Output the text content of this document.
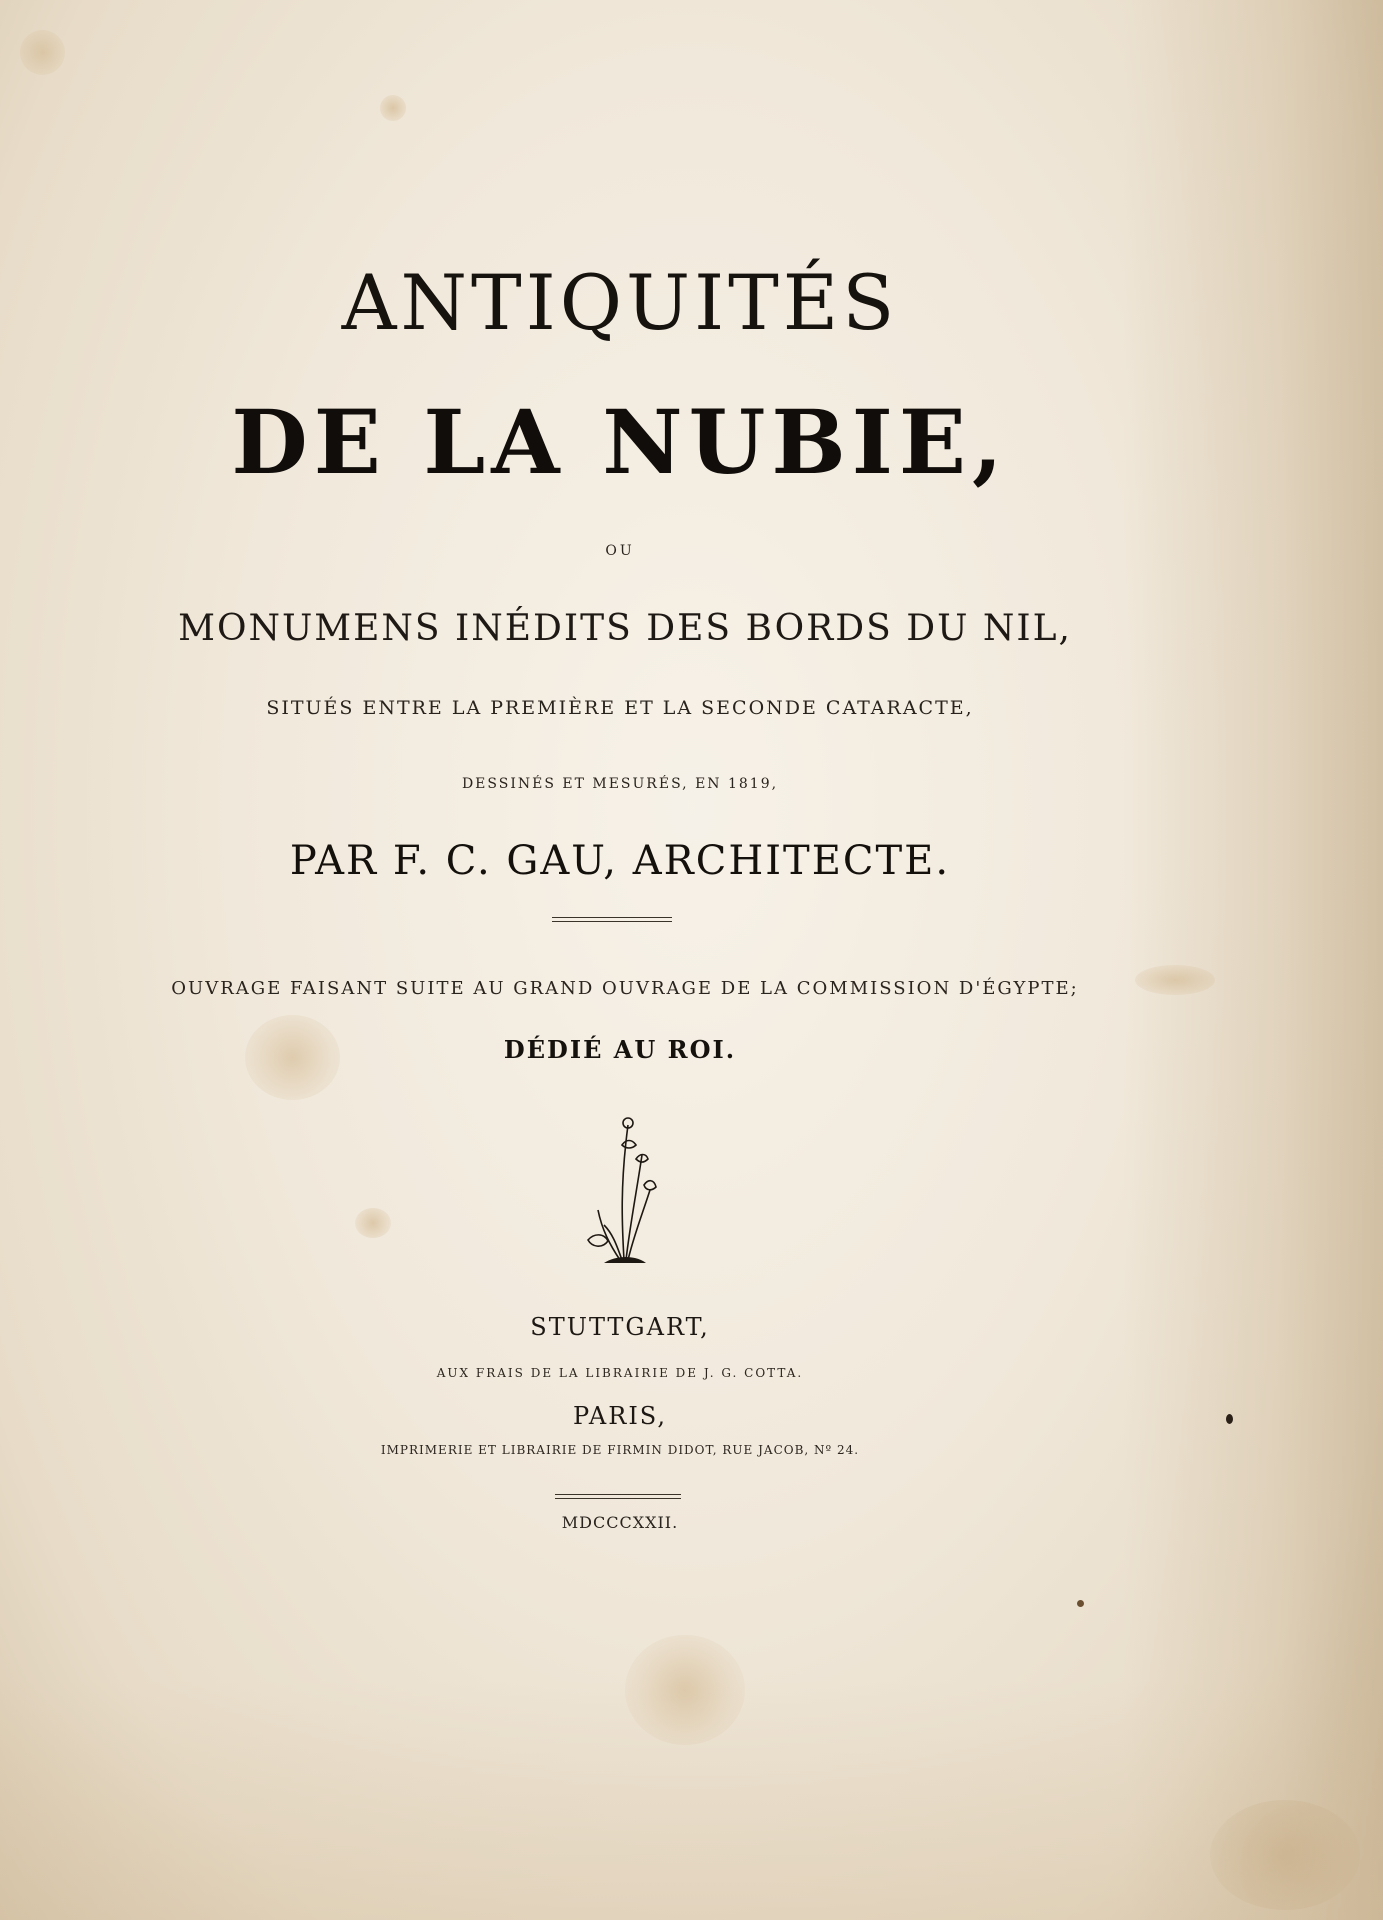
ANTIQUITÉS
DE LA NUBIE,
OU
MONUMENS INÉDITS DES BORDS DU NIL,
SITUÉS ENTRE LA PREMIÈRE ET LA SECONDE CATARACTE,
DESSINÉS ET MESURÉS, EN 1819,
PAR F. C. GAU, ARCHITECTE.
OUVRAGE FAISANT SUITE AU GRAND OUVRAGE DE LA COMMISSION D'ÉGYPTE;
DÉDIÉ AU ROI.
STUTTGART,
AUX FRAIS DE LA LIBRAIRIE DE J. G. COTTA.
PARIS,
IMPRIMERIE ET LIBRAIRIE DE FIRMIN DIDOT, RUE JACOB, Nº 24.
MDCCCXXII.
